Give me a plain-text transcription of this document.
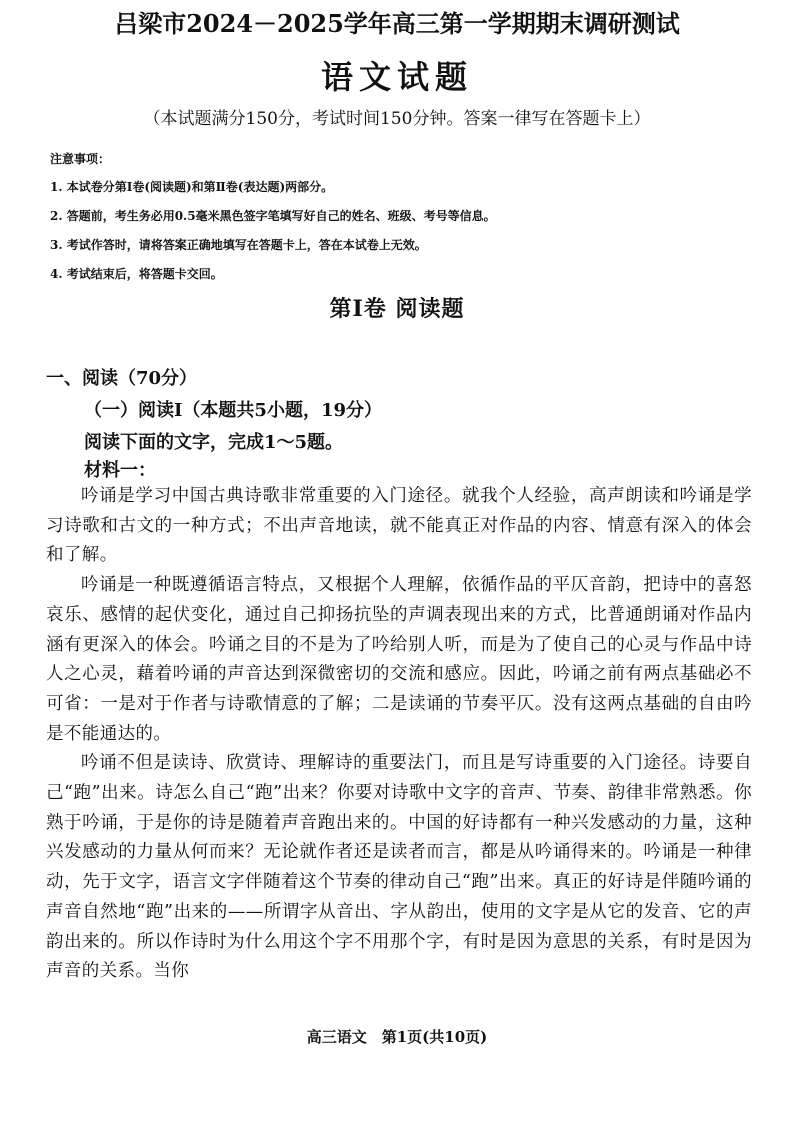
吕梁市2024－2025学年高三第一学期期末调研测试
语文试题
（本试题满分150分，考试时间150分钟。答案一律写在答题卡上）
注意事项：
1. 本试卷分第Ⅰ卷(阅读题)和第Ⅱ卷(表达题)两部分。
2. 答题前，考生务必用0.5毫米黑色签字笔填写好自己的姓名、班级、考号等信息。
3. 考试作答时，请将答案正确地填写在答题卡上，答在本试卷上无效。
4. 考试结束后，将答题卡交回。
第Ⅰ卷 阅读题
一、阅读（70分）
（一）阅读Ⅰ（本题共5小题，19分）
阅读下面的文字，完成1～5题。
材料一：

吟诵是学习中国古典诗歌非常重要的入门途径。就我个人经验，高声朗读和吟诵是学习诗歌和古文的一种方式；不出声音地读，就不能真正对作品的内容、情意有深入的体会和了解。

吟诵是一种既遵循语言特点，又根据个人理解，依循作品的平仄音韵，把诗中的喜怒哀乐、感情的起伏变化，通过自己抑扬抗坠的声调表现出来的方式，比普通朗诵对作品内涵有更深入的体会。吟诵之目的不是为了吟给别人听，而是为了使自己的心灵与作品中诗人之心灵，藉着吟诵的声音达到深微密切的交流和感应。因此，吟诵之前有两点基础必不可省：一是对于作者与诗歌情意的了解；二是读诵的节奏平仄。没有这两点基础的自由吟是不能通达的。

吟诵不但是读诗、欣赏诗、理解诗的重要法门，而且是写诗重要的入门途径。诗要自己“跑”出来。诗怎么自己“跑”出来？你要对诗歌中文字的音声、节奏、韵律非常熟悉。你熟于吟诵，于是你的诗是随着声音跑出来的。中国的好诗都有一种兴发感动的力量，这种兴发感动的力量从何而来？无论就作者还是读者而言，都是从吟诵得来的。吟诵是一种律动，先于文字，语言文字伴随着这个节奏的律动自己“跑”出来。真正的好诗是伴随吟诵的声音自然地“跑”出来的——所谓字从音出、字从韵出，使用的文字是从它的发音、它的声韵出来的。所以作诗时为什么用这个字不用那个字，有时是因为意思的关系，有时是因为声音的关系。当你

高三语文　第1页(共10页)
